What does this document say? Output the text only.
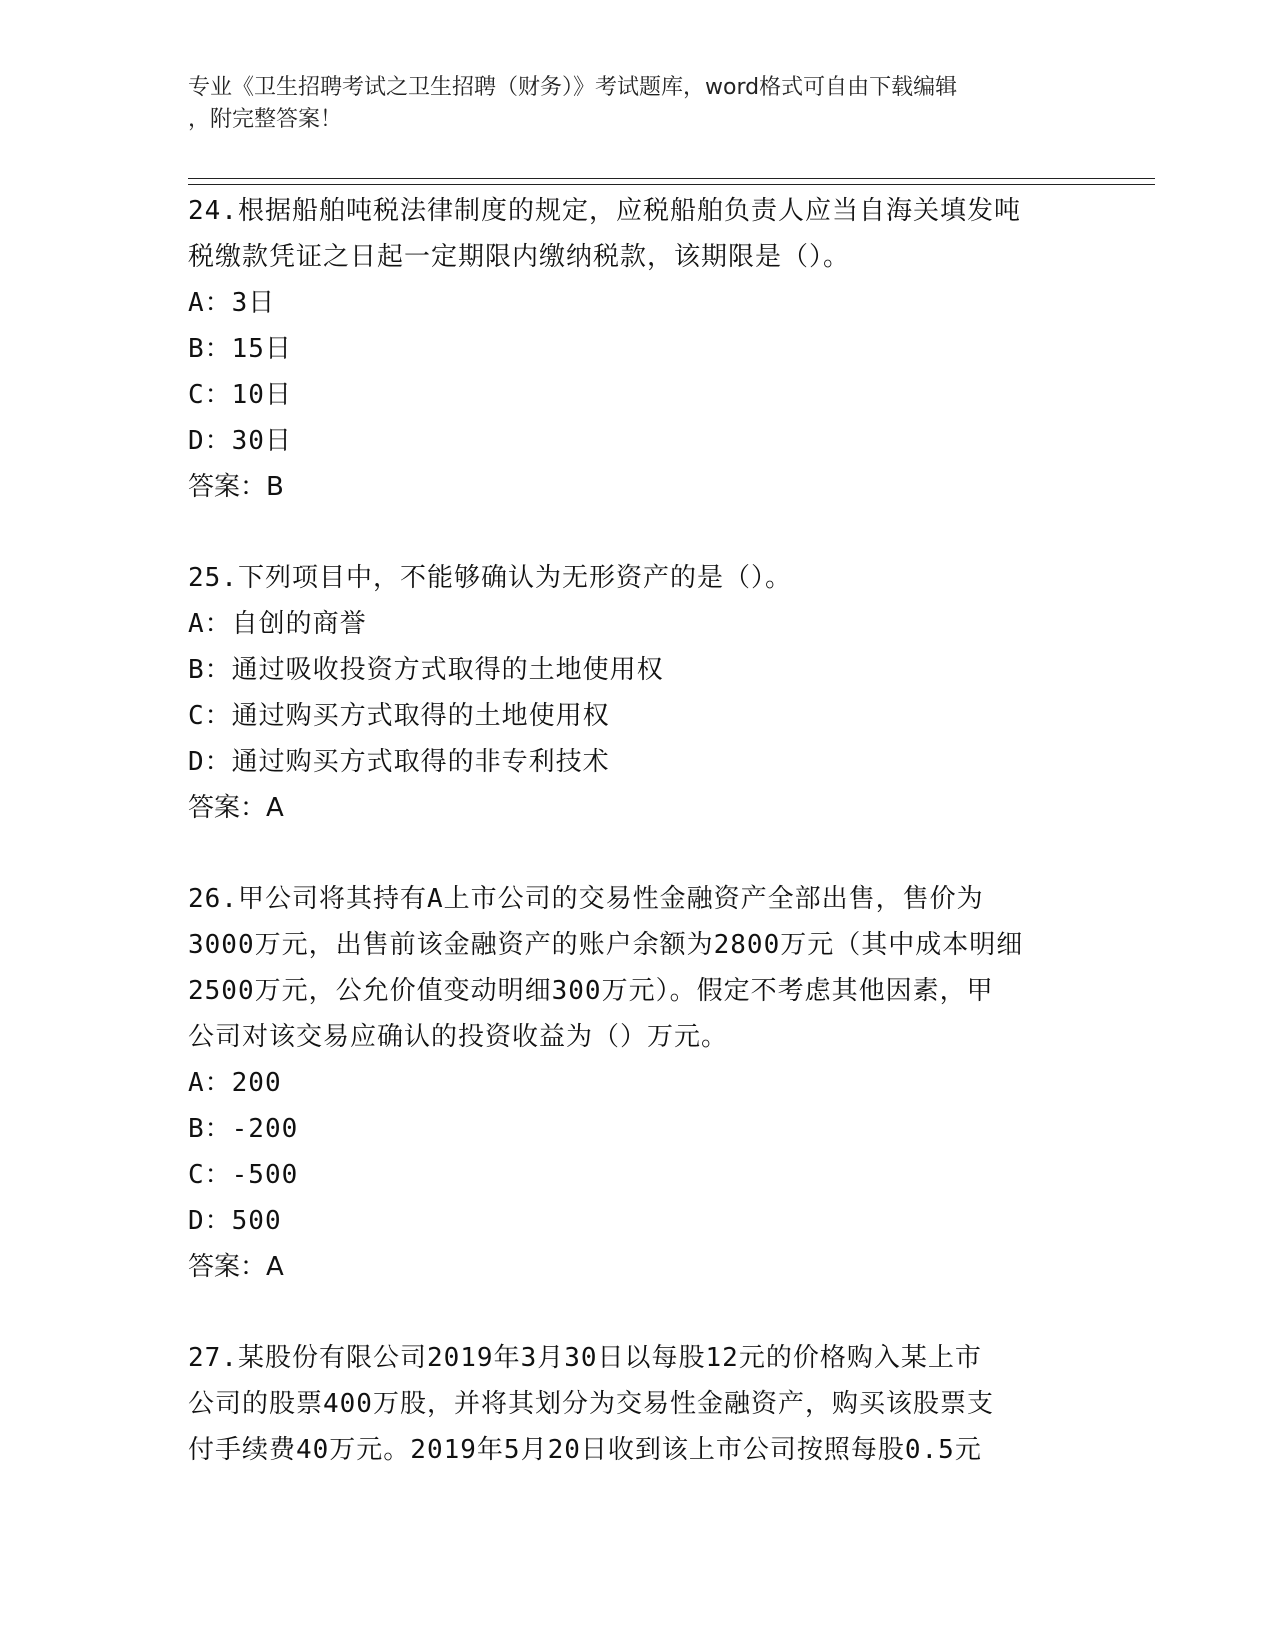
专业《卫生招聘考试之卫生招聘（财务）》考试题库，word格式可自由下载编辑
，附完整答案！
24.根据船舶吨税法律制度的规定，应税船舶负责人应当自海关填发吨
税缴款凭证之日起一定期限内缴纳税款，该期限是（）。
A：3日
B：15日
C：10日
D：30日
答案：B
25.下列项目中，不能够确认为无形资产的是（）。
A：自创的商誉
B：通过吸收投资方式取得的土地使用权
C：通过购买方式取得的土地使用权
D：通过购买方式取得的非专利技术
答案：A
26.甲公司将其持有A上市公司的交易性金融资产全部出售，售价为
3000万元，出售前该金融资产的账户余额为2800万元（其中成本明细
2500万元，公允价值变动明细300万元）。假定不考虑其他因素，甲
公司对该交易应确认的投资收益为（）万元。
A：200
B：-200
C：-500
D：500
答案：A
27.某股份有限公司2019年3月30日以每股12元的价格购入某上市
公司的股票400万股，并将其划分为交易性金融资产，购买该股票支
付手续费40万元。2019年5月20日收到该上市公司按照每股0.5元
